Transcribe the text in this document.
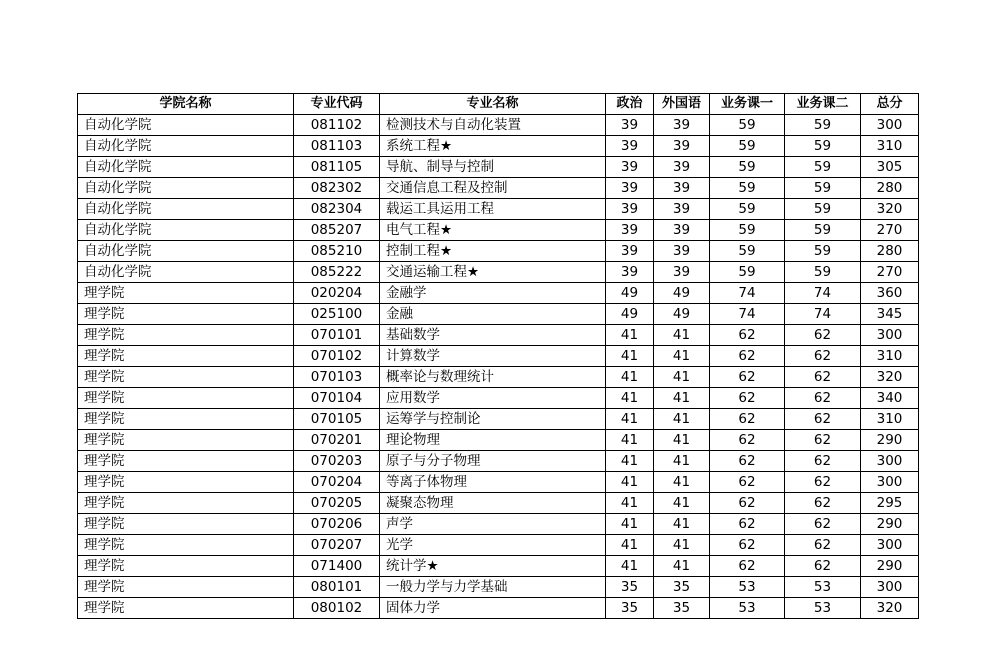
学院名称	专业代码	专业名称	政治	外国语	业务课一	业务课二	总分
自动化学院	081102	检测技术与自动化装置	39	39	59	59	300
自动化学院	081103	系统工程★	39	39	59	59	310
自动化学院	081105	导航、制导与控制	39	39	59	59	305
自动化学院	082302	交通信息工程及控制	39	39	59	59	280
自动化学院	082304	载运工具运用工程	39	39	59	59	320
自动化学院	085207	电气工程★	39	39	59	59	270
自动化学院	085210	控制工程★	39	39	59	59	280
自动化学院	085222	交通运输工程★	39	39	59	59	270
理学院	020204	金融学	49	49	74	74	360
理学院	025100	金融	49	49	74	74	345
理学院	070101	基础数学	41	41	62	62	300
理学院	070102	计算数学	41	41	62	62	310
理学院	070103	概率论与数理统计	41	41	62	62	320
理学院	070104	应用数学	41	41	62	62	340
理学院	070105	运筹学与控制论	41	41	62	62	310
理学院	070201	理论物理	41	41	62	62	290
理学院	070203	原子与分子物理	41	41	62	62	300
理学院	070204	等离子体物理	41	41	62	62	300
理学院	070205	凝聚态物理	41	41	62	62	295
理学院	070206	声学	41	41	62	62	290
理学院	070207	光学	41	41	62	62	300
理学院	071400	统计学★	41	41	62	62	290
理学院	080101	一般力学与力学基础	35	35	53	53	300
理学院	080102	固体力学	35	35	53	53	320
